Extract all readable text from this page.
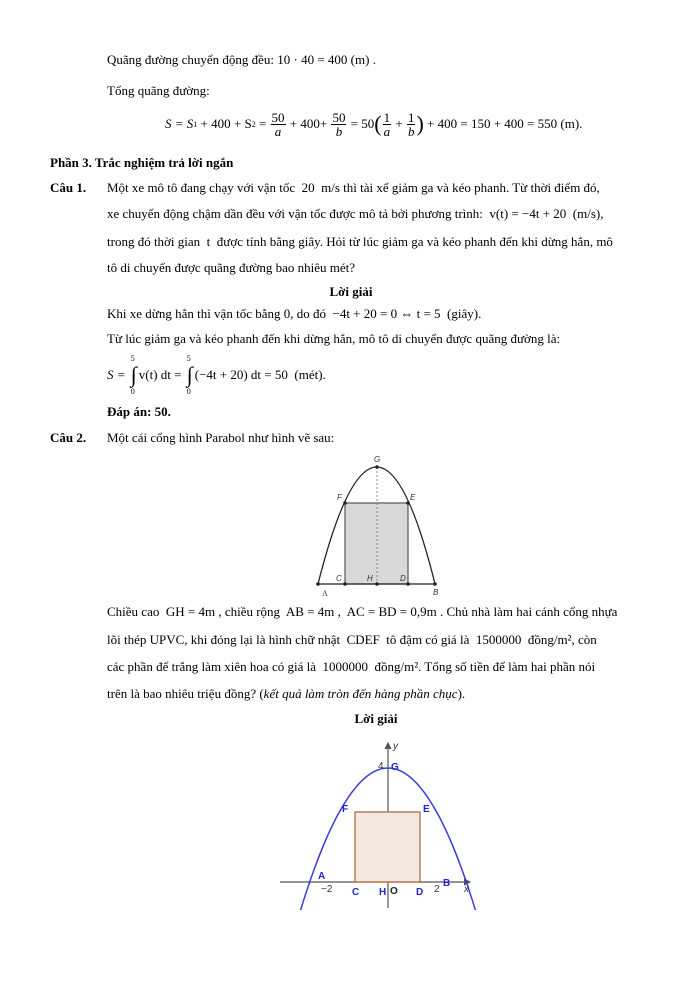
Quãng đường chuyển động đều: 10 · 40 = 400 (m) .
Tổng quãng đường:
S = S 1 + 400 + S $2 = \frac{50}{a} + 400+ \frac{50}{b} = 50$ ( $\frac{1}{a} + \frac{1}{b}$ ) + 400 = 150 + 400 = 550 (m).
Phần 3. Trắc nghiệm trả lời ngắn
Câu 1. Một xe mô tô đang chạy với vận tốc  20  m/s thì tài xế giảm ga và kéo phanh. Từ thời điểm đó,
xe chuyển động chậm dần đều với vận tốc được mô tả bởi phương trình:  v(t) = −4t + 20  (m/s),
trong đó thời gian  t  được tính bằng giây. Hỏi từ lúc giảm ga và kéo phanh đến khi dừng hẳn, mô
tô di chuyển được quãng đường bao nhiêu mét?
Lời giải
Khi xe dừng hẳn thì vận tốc bằng 0, do đó  −4t + 20 = 0 ⇔ t = 5  (giây).
Từ lúc giảm ga và kéo phanh đến khi dừng hẳn, mô tô di chuyển được quãng đường là:
S =
5
∫
0
v(t) dt =
5
∫
0
(−4t + 20) dt = 50  (mét).
Đáp án: 50.
Câu 2. Một cái cổng hình Parabol như hình vẽ sau:
G
F	E
C	H	D
B
A
Chiều cao  GH = 4m , chiều rộng  AB = 4m ,  AC = BD = 0,9m . Chủ nhà làm hai cánh cổng nhựa
lõi thép UPVC, khi đóng lại là hình chữ nhật  CDEF  tô đậm có giá là  1500000  đồng/m², còn
các phần để trắng làm xiên hoa có giá là  1000000  đồng/m². Tổng số tiền để làm hai phần nói
trên là bao nhiêu triệu đồng? (kết quả làm tròn đến hàng phần chục).
Lời giải
G
F	E
A
B
C H	D
O
4
−2	2
y
x
